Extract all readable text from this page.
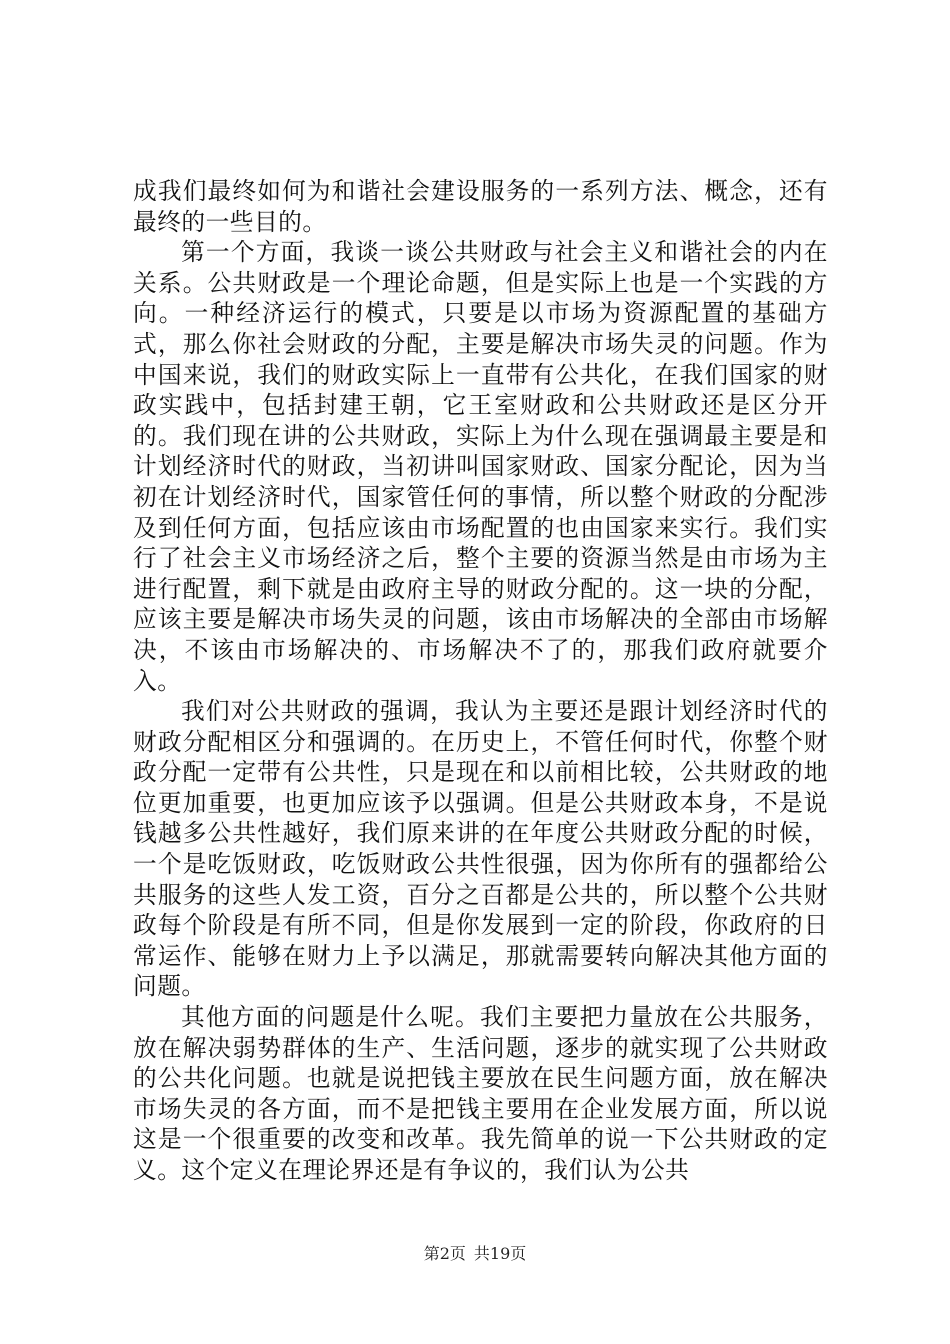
成我们最终如何为和谐社会建设服务的一系列方法、概念，还有最终的一些目的。

第一个方面，我谈一谈公共财政与社会主义和谐社会的内在关系。公共财政是一个理论命题，但是实际上也是一个实践的方向。一种经济运行的模式，只要是以市场为资源配置的基础方式，那么你社会财政的分配，主要是解决市场失灵的问题。作为中国来说，我们的财政实际上一直带有公共化，在我们国家的财政实践中，包括封建王朝，它王室财政和公共财政还是区分开的。我们现在讲的公共财政，实际上为什么现在强调最主要是和计划经济时代的财政，当初讲叫国家财政、国家分配论，因为当初在计划经济时代，国家管任何的事情，所以整个财政的分配涉及到任何方面，包括应该由市场配置的也由国家来实行。我们实行了社会主义市场经济之后，整个主要的资源当然是由市场为主进行配置，剩下就是由政府主导的财政分配的。这一块的分配，应该主要是解决市场失灵的问题，该由市场解决的全部由市场解决，不该由市场解决的、市场解决不了的，那我们政府就要介入。

我们对公共财政的强调，我认为主要还是跟计划经济时代的财政分配相区分和强调的。在历史上，不管任何时代，你整个财政分配一定带有公共性，只是现在和以前相比较，公共财政的地位更加重要，也更加应该予以强调。但是公共财政本身，不是说钱越多公共性越好，我们原来讲的在年度公共财政分配的时候，一个是吃饭财政，吃饭财政公共性很强，因为你所有的强都给公共服务的这些人发工资，百分之百都是公共的，所以整个公共财政每个阶段是有所不同，但是你发展到一定的阶段，你政府的日常运作、能够在财力上予以满足，那就需要转向解决其他方面的问题。

其他方面的问题是什么呢。我们主要把力量放在公共服务，放在解决弱势群体的生产、生活问题，逐步的就实现了公共财政的公共化问题。也就是说把钱主要放在民生问题方面，放在解决市场失灵的各方面，而不是把钱主要用在企业发展方面，所以说这是一个很重要的改变和改革。我先简单的说一下公共财政的定义。这个定义在理论界还是有争议的，我们认为公共

第2页 共19页
